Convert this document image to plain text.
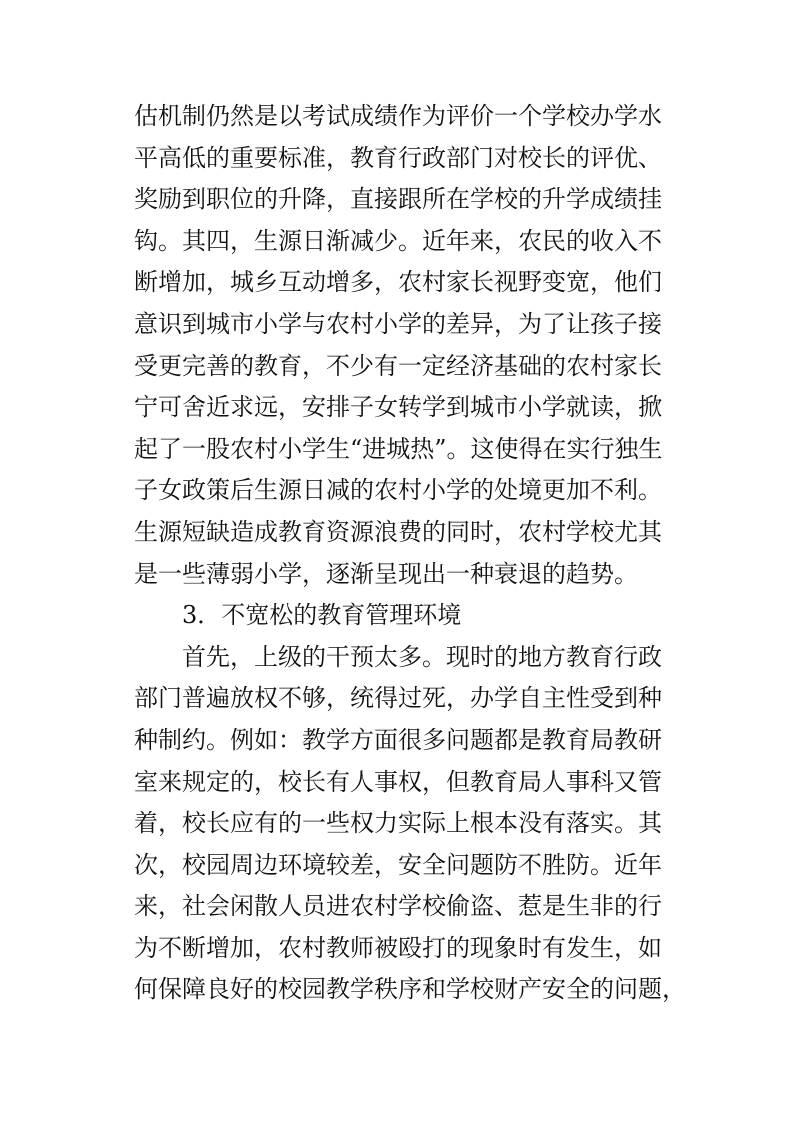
估机制仍然是以考试成绩作为评价一个学校办学水
平高低的重要标准，教育行政部门对校长的评优、
奖励到职位的升降，直接跟所在学校的升学成绩挂
钩。其四，生源日渐减少。近年来，农民的收入不
断增加，城乡互动增多，农村家长视野变宽，他们
意识到城市小学与农村小学的差异，为了让孩子接
受更完善的教育，不少有一定经济基础的农村家长
宁可舍近求远，安排子女转学到城市小学就读，掀
起了一股农村小学生“进城热”。这使得在实行独生
子女政策后生源日减的农村小学的处境更加不利。
生源短缺造成教育资源浪费的同时，农村学校尤其
是一些薄弱小学，逐渐呈现出一种衰退的趋势。
3．不宽松的教育管理环境
首先，上级的干预太多。现时的地方教育行政
部门普遍放权不够，统得过死，办学自主性受到种
种制约。例如：教学方面很多问题都是教育局教研
室来规定的，校长有人事权，但教育局人事科又管
着，校长应有的一些权力实际上根本没有落实。其
次，校园周边环境较差，安全问题防不胜防。近年
来，社会闲散人员进农村学校偷盗、惹是生非的行
为不断增加，农村教师被殴打的现象时有发生，如
何保障良好的校园教学秩序和学校财产安全的问题，
